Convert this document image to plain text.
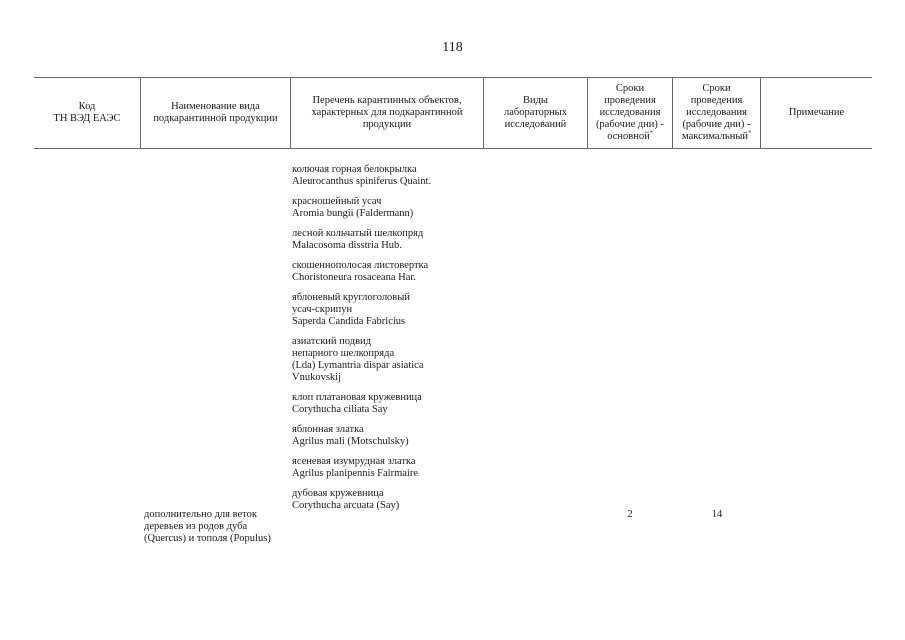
118
Код
ТН ВЭД ЕАЭС
Наименование вида
подкарантинной продукции
Перечень карантинных объектов,
характерных для подкарантинной
продукции
Виды
лабораторных
исследований
Сроки
проведения
исследования
(рабочие дни) -
основной*
Сроки
проведения
исследования
(рабочие дни) -
максимальный*
Примечание
колючая горная белокрылка
Aleurocanthus spiniferus Quaint.
красношейный усач
Aromia bungii (Faldermann)
лесной кольчатый шелкопряд
Malacosoma disstria Hub.
скошеннополосая листовертка
Choristoneura rosaceana Har.
яблоневый круглоголовый
усач-скрипун
Saperda Candida Fabricius
азиатский подвид
непарного шелкопряда
(Lda) Lymantria dispar asiatica
Vnukovskij
клоп платановая кружевница
Corythucha ciliata Say
яблонная златка
Agrilus mali (Motschulsky)
ясеневая изумрудная златка
Agrilus planipennis Fairmaire
дубовая кружевница
Corythucha arcuata (Say)
дополнительно для веток
деревьев из родов дуба
(Quercus) и тополя (Populus)
2	14
